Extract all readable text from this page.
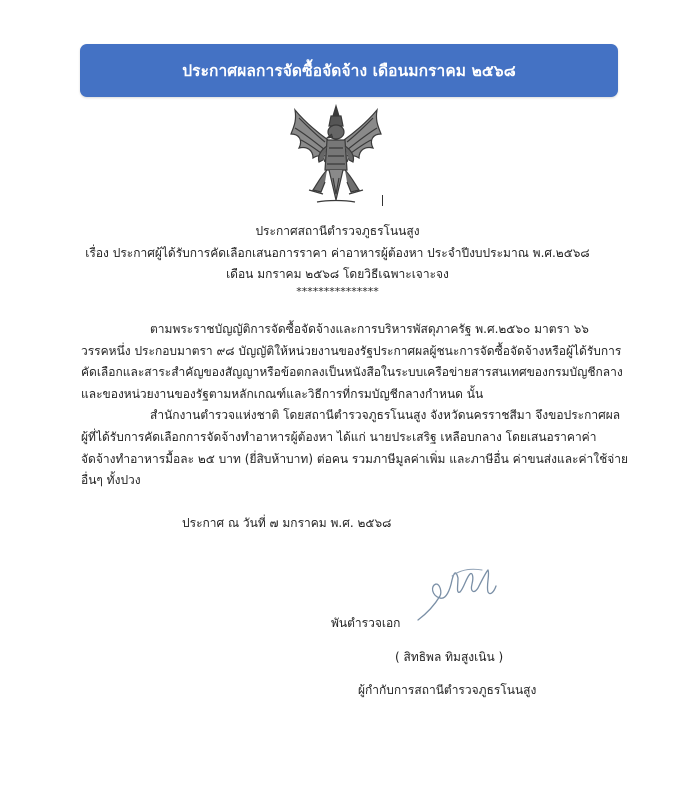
ประกาศผลการจัดซื้อจัดจ้าง เดือนมกราคม ๒๕๖๘
ประกาศสถานีตำรวจภูธรโนนสูง
เรื่อง ประกาศผู้ได้รับการคัดเลือกเสนอการราคา ค่าอาหารผู้ต้องหา ประจำปีงบประมาณ พ.ศ.๒๕๖๘
เดือน มกราคม ๒๕๖๘ โดยวิธีเฉพาะเจาะจง
***************
ตามพระราชบัญญัติการจัดซื้อจัดจ้างและการบริหารพัสดุภาครัฐ พ.ศ.๒๕๖๐ มาตรา ๖๖
วรรคหนึ่ง ประกอบมาตรา ๙๘ บัญญัติให้หน่วยงานของรัฐประกาศผลผู้ชนะการจัดซื้อจัดจ้างหรือผู้ได้รับการ
คัดเลือกและสาระสำคัญของสัญญาหรือข้อตกลงเป็นหนังสือในระบบเครือข่ายสารสนเทศของกรมบัญชีกลาง
และของหน่วยงานของรัฐตามหลักเกณฑ์และวิธีการที่กรมบัญชีกลางกำหนด นั้น
สำนักงานตำรวจแห่งชาติ โดยสถานีตำรวจภูธรโนนสูง จังหวัดนครราชสีมา จึงขอประกาศผล
ผู้ที่ได้รับการคัดเลือกการจัดจ้างทำอาหารผู้ต้องหา ได้แก่ นายประเสริฐ เหลือบกลาง โดยเสนอราคาค่า
จัดจ้างทำอาหารมื้อละ ๒๕ บาท (ยี่สิบห้าบาท) ต่อคน รวมภาษีมูลค่าเพิ่ม และภาษีอื่น ค่าขนส่งและค่าใช้จ่าย
อื่นๆ ทั้งปวง
ประกาศ ณ วันที่ ๗ มกราคม พ.ศ. ๒๕๖๘
พันตำรวจเอก
( สิทธิพล ทิมสูงเนิน )
ผู้กำกับการสถานีตำรวจภูธรโนนสูง
